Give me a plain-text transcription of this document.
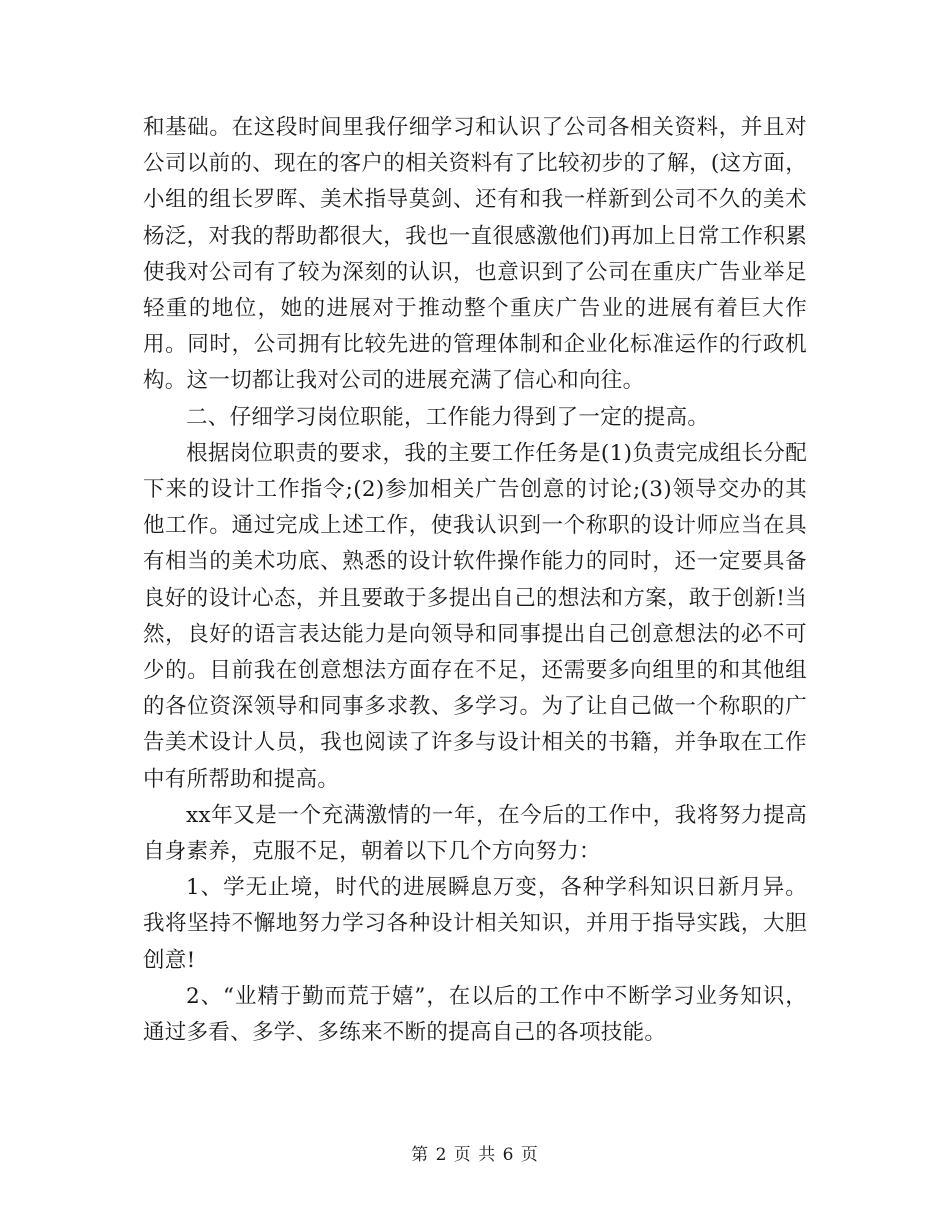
和基础。在这段时间里我仔细学习和认识了公司各相关资料，并且对公司以前的、现在的客户的相关资料有了比较初步的了解，(这方面，小组的组长罗晖、美术指导莫剑、还有和我一样新到公司不久的美术杨泛，对我的帮助都很大，我也一直很感激他们)再加上日常工作积累使我对公司有了较为深刻的认识，也意识到了公司在重庆广告业举足轻重的地位，她的进展对于推动整个重庆广告业的进展有着巨大作用。同时，公司拥有比较先进的管理体制和企业化标准运作的行政机构。这一切都让我对公司的进展充满了信心和向往。

二、仔细学习岗位职能，工作能力得到了一定的提高。

根据岗位职责的要求，我的主要工作任务是(1)负责完成组长分配下来的设计工作指令;(2)参加相关广告创意的讨论;(3)领导交办的其他工作。通过完成上述工作，使我认识到一个称职的设计师应当在具有相当的美术功底、熟悉的设计软件操作能力的同时，还一定要具备良好的设计心态，并且要敢于多提出自己的想法和方案，敢于创新!当然，良好的语言表达能力是向领导和同事提出自己创意想法的必不可少的。目前我在创意想法方面存在不足，还需要多向组里的和其他组的各位资深领导和同事多求教、多学习。为了让自己做一个称职的广告美术设计人员，我也阅读了许多与设计相关的书籍，并争取在工作中有所帮助和提高。

xx年又是一个充满激情的一年，在今后的工作中，我将努力提高自身素养，克服不足，朝着以下几个方向努力：

1、学无止境，时代的进展瞬息万变，各种学科知识日新月异。我将坚持不懈地努力学习各种设计相关知识，并用于指导实践，大胆创意!

2、“业精于勤而荒于嬉”，在以后的工作中不断学习业务知识，通过多看、多学、多练来不断的提高自己的各项技能。

第 2 页 共 6 页
